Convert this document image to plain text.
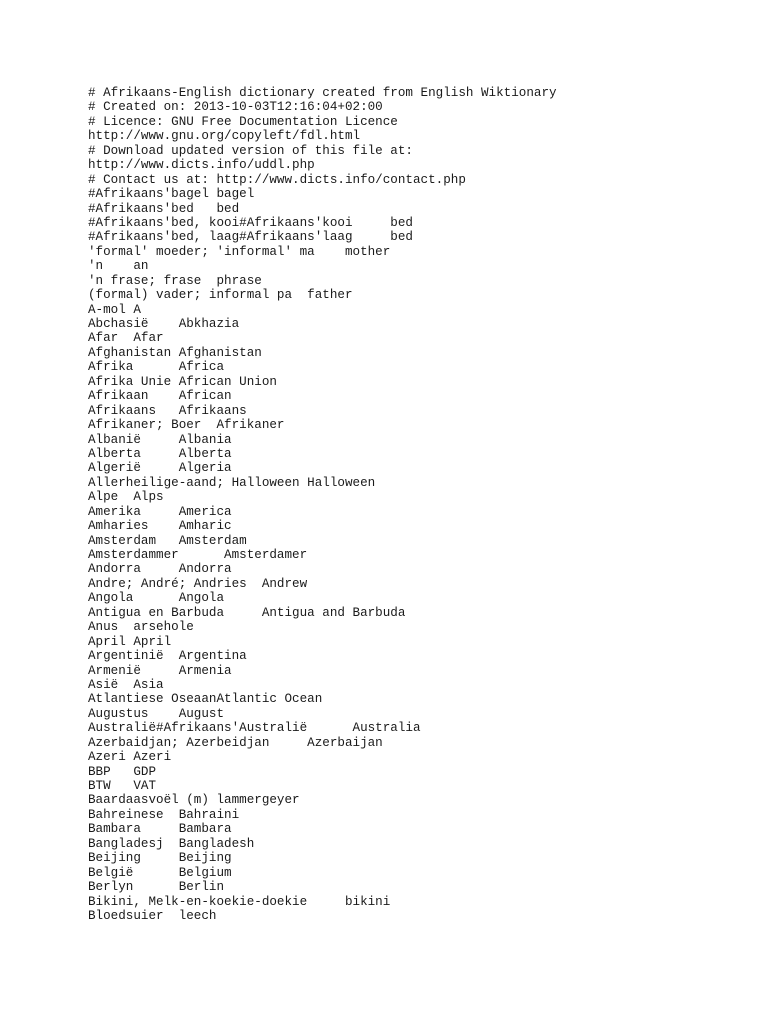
# Afrikaans-English dictionary created from English Wiktionary
# Created on: 2013-10-03T12:16:04+02:00
# Licence: GNU Free Documentation Licence
http://www.gnu.org/copyleft/fdl.html
# Download updated version of this file at:
http://www.dicts.info/uddl.php
# Contact us at: http://www.dicts.info/contact.php
#Afrikaans'bagel bagel
#Afrikaans'bed   bed
#Afrikaans'bed, kooi#Afrikaans'kooi     bed
#Afrikaans'bed, laag#Afrikaans'laag     bed
'formal' moeder; 'informal' ma    mother
'n    an
'n frase; frase  phrase
(formal) vader; informal pa  father
A-mol A
Abchasië    Abkhazia
Afar  Afar
Afghanistan Afghanistan
Afrika      Africa
Afrika Unie African Union
Afrikaan    African
Afrikaans   Afrikaans
Afrikaner; Boer  Afrikaner
Albanië     Albania
Alberta     Alberta
Algerië     Algeria
Allerheilige-aand; Halloween Halloween
Alpe  Alps
Amerika     America
Amharies    Amharic
Amsterdam   Amsterdam
Amsterdammer      Amsterdamer
Andorra     Andorra
Andre; André; Andries  Andrew
Angola      Angola
Antigua en Barbuda     Antigua and Barbuda
Anus  arsehole
April April
Argentinië  Argentina
Armenië     Armenia
Asië  Asia
Atlantiese OseaanAtlantic Ocean
Augustus    August
Australië#Afrikaans'Australië      Australia
Azerbaidjan; Azerbeidjan     Azerbaijan
Azeri Azeri
BBP   GDP
BTW   VAT
Baardaasvoël (m) lammergeyer
Bahreinese  Bahraini
Bambara     Bambara
Bangladesj  Bangladesh
Beijing     Beijing
België      Belgium
Berlyn      Berlin
Bikini, Melk-en-koekie-doekie     bikini
Bloedsuier  leech
